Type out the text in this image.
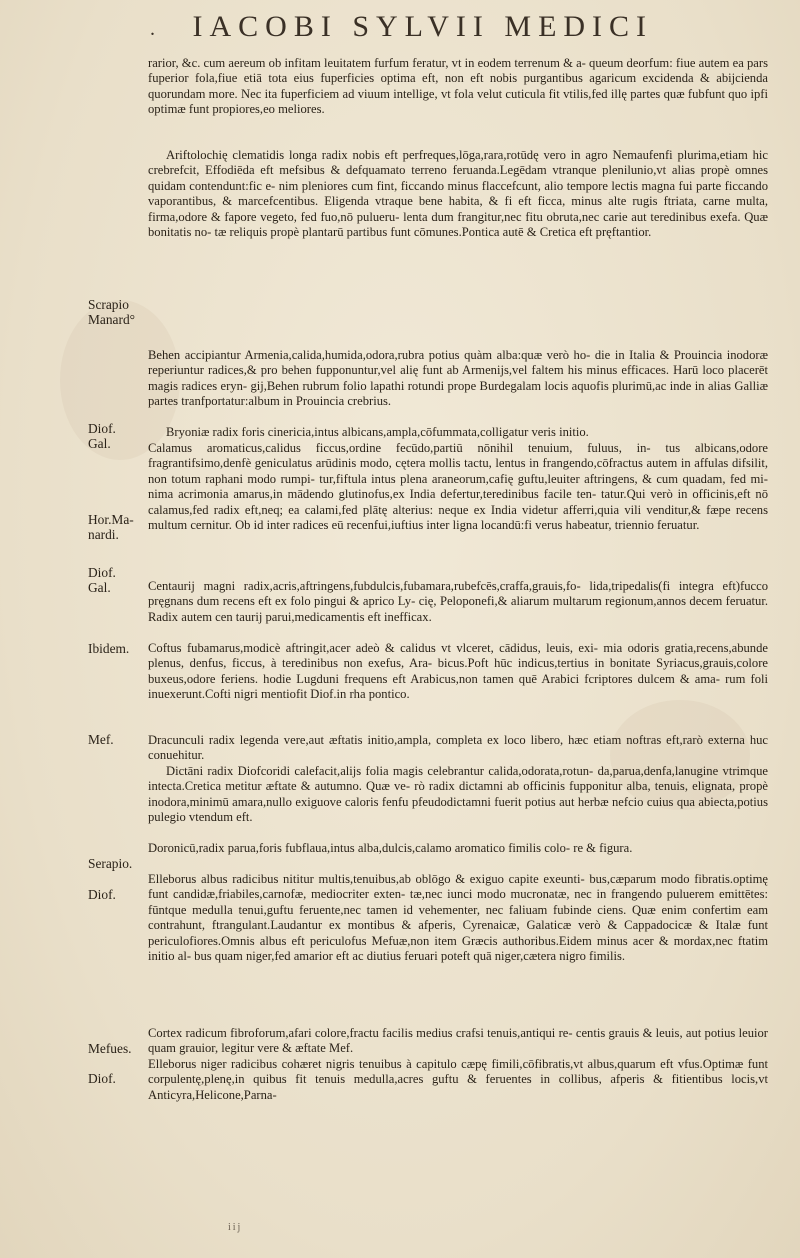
. IACOBI SYLVII MEDICI
Scrapio
Manard°
Diof.
Gal.
Hor.Ma-
nardi.
Diof.
Gal.
Ibidem.
Mef.
Serapio.
Diof.
Mefues.
Diof.

rarior, &c. cum aereum ob infitam leuitatem furfum feratur, vt in eodem terrenum & a- queum deorfum: fiue autem ea pars fuperior fola,fiue etiā tota eius fuperficies optima eft, non eft nobis purgantibus agaricum excidenda & abijcienda quorundam more. Nec ita fuperficiem ad viuum intellige, vt fola velut cuticula fit vtilis,fed illę partes quæ fubfunt quo ipfi optimæ funt propiores,eo meliores.

Ariftolochię clematidis longa radix nobis eft perfreques,lōga,rara,rotūdę vero in agro Nemaufenfi plurima,etiam hic crebrefcit, Effodiēda eft mefsibus & defquamato terreno feruanda.Legēdam vtranque plenilunio,vt alias propè omnes quidam contendunt:fic e- nim pleniores cum fint, ficcando minus flaccefcunt, alio tempore lectis magna fui parte ficcando vaporantibus, & marcefcentibus. Eligenda vtraque bene habita, & fi eft ficca, minus alte rugis ftriata, carne multa, firma,odore & fapore vegeto, fed fuo,nō pulueru- lenta dum frangitur,nec fitu obruta,nec carie aut teredinibus exefa. Quæ bonitatis no- tæ reliquis propè plantarū partibus funt cōmunes.Pontica autē & Cretica eft pręftantior.

Behen accipiantur Armenia,calida,humida,odora,rubra potius quàm alba:quæ verò ho- die in Italia & Prouincia inodoræ reperiuntur radices,& pro behen fupponuntur,vel alię funt ab Armenijs,vel faltem his minus efficaces. Harū loco placerēt magis radices eryn- gij,Behen rubrum folio lapathi rotundi prope Burdegalam locis aquofis plurimū,ac inde in alias Galliæ partes tranfportatur:album in Prouincia crebrius.

Bryoniæ radix foris cinericia,intus albicans,ampla,cōfummata,colligatur veris initio.

Calamus aromaticus,calidus ficcus,ordine fecūdo,partiū nōnihil tenuium, fuluus, in- tus albicans,odore fragrantifsimo,denfè geniculatus arūdinis modo, cętera mollis tactu, lentus in frangendo,cōfractus autem in affulas difsilit, non totum raphani modo rumpi- tur,fiftula intus plena araneorum,cafię guftu,leuiter aftringens, & cum quadam, fed mi- nima acrimonia amarus,in mādendo glutinofus,ex India defertur,teredinibus facile ten- tatur.Qui verò in officinis,eft nō calamus,fed radix eft,neq; ea calami,fed plātę alterius: neque ex India videtur afferri,quia vili venditur,& fæpe recens multum cernitur. Ob id inter radices eū recenfui,iuftius inter ligna locandū:fi verus habeatur, triennio feruatur.

Centaurij magni radix,acris,aftringens,fubdulcis,fubamara,rubefcēs,craffa,grauis,fo- lida,tripedalis(fi integra eft)fucco pręgnans dum recens eft ex folo pingui & aprico Ly- cię, Peloponefi,& aliarum multarum regionum,annos decem feruatur. Radix autem cen taurij parui,medicamentis eft inefficax.

Coftus fubamarus,modicè aftringit,acer adeò & calidus vt vlceret, cādidus, leuis, exi- mia odoris gratia,recens,abunde plenus, denfus, ficcus, à teredinibus non exefus, Ara- bicus.Poft hūc indicus,tertius in bonitate Syriacus,grauis,colore buxeus,odore feriens. hodie Lugduni frequens eft Arabicus,non tamen quē Arabici fcriptores dulcem & ama- rum foli inuexerunt.Cofti nigri mentiofit Diof.in rha pontico.

Dracunculi radix legenda vere,aut æftatis initio,ampla, completa ex loco libero, hæc etiam noftras eft,rarò externa huc conuehitur.

Dictāni radix Diofcoridi calefacit,alijs folia magis celebrantur calida,odorata,rotun- da,parua,denfa,lanugine vtrimque intecta.Cretica metitur æftate & autumno. Quæ ve- rò radix dictamni ab officinis fupponitur alba, tenuis, elignata, propè inodora,minimū amara,nullo exiguove caloris fenfu pfeudodictamni fuerit potius aut herbæ nefcio cuius qua abiecta,potius pulegio vtendum eft.

Doronicū,radix parua,foris fubflaua,intus alba,dulcis,calamo aromatico fimilis colo- re & figura.

Elleborus albus radicibus nititur multis,tenuibus,ab oblōgo & exiguo capite exeunti- bus,cæparum modo fibratis.optimę funt candidæ,friabiles,carnofæ, mediocriter exten- tæ,nec iunci modo mucronatæ, nec in frangendo puluerem emittētes: fūntque medulla tenui,guftu feruente,nec tamen id vehementer, nec faliuam fubinde ciens. Quæ enim confertim eam contrahunt, ftrangulant.Laudantur ex montibus & afperis, Cyrenaicæ, Galaticæ verò & Cappadocicæ & Italæ funt periculofiores.Omnis albus eft periculofus Mefuæ,non item Græcis authoribus.Eidem minus acer & mordax,nec ftatim initio al- bus quam niger,fed amarior eft ac diutius feruari poteft quā niger,cætera nigro fimilis.

Cortex radicum fibroforum,afari colore,fractu facilis medius crafsi tenuis,antiqui re- centis grauis & leuis, aut potius leuior quam grauior, legitur vere & æftate Mef.

Elleborus niger radicibus cohæret nigris tenuibus à capitulo cæpę fimili,cōfibratis,vt albus,quarum eft vfus.Optimæ funt corpulentę,plenę,in quibus fit tenuis medulla,acres guftu & feruentes in collibus, afperis & fitientibus locis,vt Anticyra,Helicone,Parna-

iij
